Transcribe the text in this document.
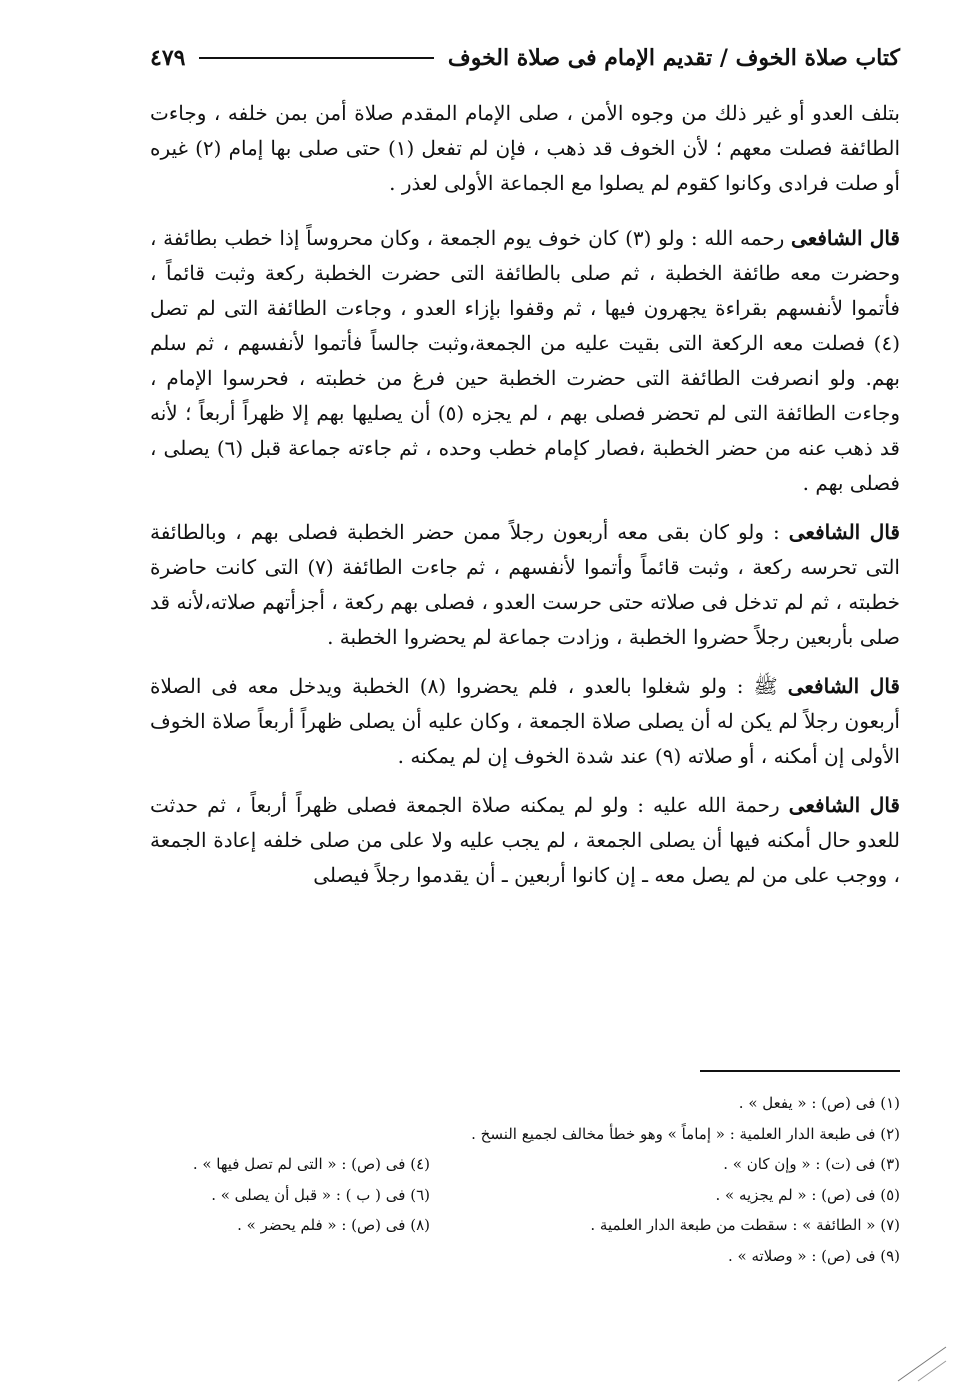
كتاب صلاة الخوف / تقديم الإمام فى صلاة الخوف
٤٧٩

بتلف العدو أو غير ذلك من وجوه الأمن ، صلى الإمام المقدم صلاة أمن بمن خلفه ، وجاءت الطائفة فصلت معهم ؛ لأن الخوف قد ذهب ، فإن لم تفعل (١) حتى صلى بها إمام (٢) غيره أو صلت فرادى وكانوا كقوم لم يصلوا مع الجماعة الأولى لعذر .

قال الشافعى رحمه الله : ولو (٣) كان خوف يوم الجمعة ، وكان محروساً إذا خطب بطائفة ، وحضرت معه طائفة الخطبة ، ثم صلى بالطائفة التى حضرت الخطبة ركعة وثبت قائماً ، فأتموا لأنفسهم بقراءة يجهرون فيها ، ثم وقفوا بإزاء العدو ، وجاءت الطائفة التى لم تصل (٤) فصلت معه الركعة التى بقيت عليه من الجمعة،وثبت جالساً فأتموا لأنفسهم ، ثم سلم بهم. ولو انصرفت الطائفة التى حضرت الخطبة حين فرغ من خطبته ، فحرسوا الإمام ، وجاءت الطائفة التى لم تحضر فصلى بهم ، لم يجزه (٥) أن يصليها بهم إلا ظهراً أربعاً ؛ لأنه قد ذهب عنه من حضر الخطبة ،فصار كإمام خطب وحده ، ثم جاءته جماعة قبل (٦) يصلى ، فصلى بهم .

قال الشافعى : ولو كان بقى معه أربعون رجلاً ممن حضر الخطبة فصلى بهم ، وبالطائفة التى تحرسه ركعة ، وثبت قائماً وأتموا لأنفسهم ، ثم جاءت الطائفة (٧) التى كانت حاضرة خطبته ، ثم لم تدخل فى صلاته حتى حرست العدو ، فصلى بهم ركعة ، أجزأتهم صلاته،لأنه قد صلى بأربعين رجلاً حضروا الخطبة ، وزادت جماعة لم يحضروا الخطبة .

قال الشافعى ﷺ : ولو شغلوا بالعدو ، فلم يحضروا (٨) الخطبة ويدخل معه فى الصلاة أربعون رجلاً لم يكن له أن يصلى صلاة الجمعة ، وكان عليه أن يصلى ظهراً أربعاً صلاة الخوف الأولى إن أمكنه ، أو صلاته (٩) عند شدة الخوف إن لم يمكنه .

قال الشافعى رحمة الله عليه : ولو لم يمكنه صلاة الجمعة فصلى ظهراً أربعاً ، ثم حدثت للعدو حال أمكنه فيها أن يصلى الجمعة ، لم يجب عليه ولا على من صلى خلفه إعادة الجمعة ، ووجب على من لم يصل معه ـ إن كانوا أربعين ـ أن يقدموا رجلاً فيصلى

(١) فى (ص) : « يفعل » .
(٢) فى طبعة الدار العلمية : « إماماً » وهو خطأ مخالف لجميع النسخ .
(٣) فى (ت) : « وإن كان » .
(٤) فى (ص) : « التى لم تصل فيها » .
(٥) فى (ص) : « لم يجزيه » .
(٦) فى ( ب ) : « قبل أن يصلى » .
(٧) « الطائفة » : سقطت من طبعة الدار العلمية .
(٨) فى (ص) : « فلم يحضر » .
(٩) فى (ص) : « وصلاته » .
